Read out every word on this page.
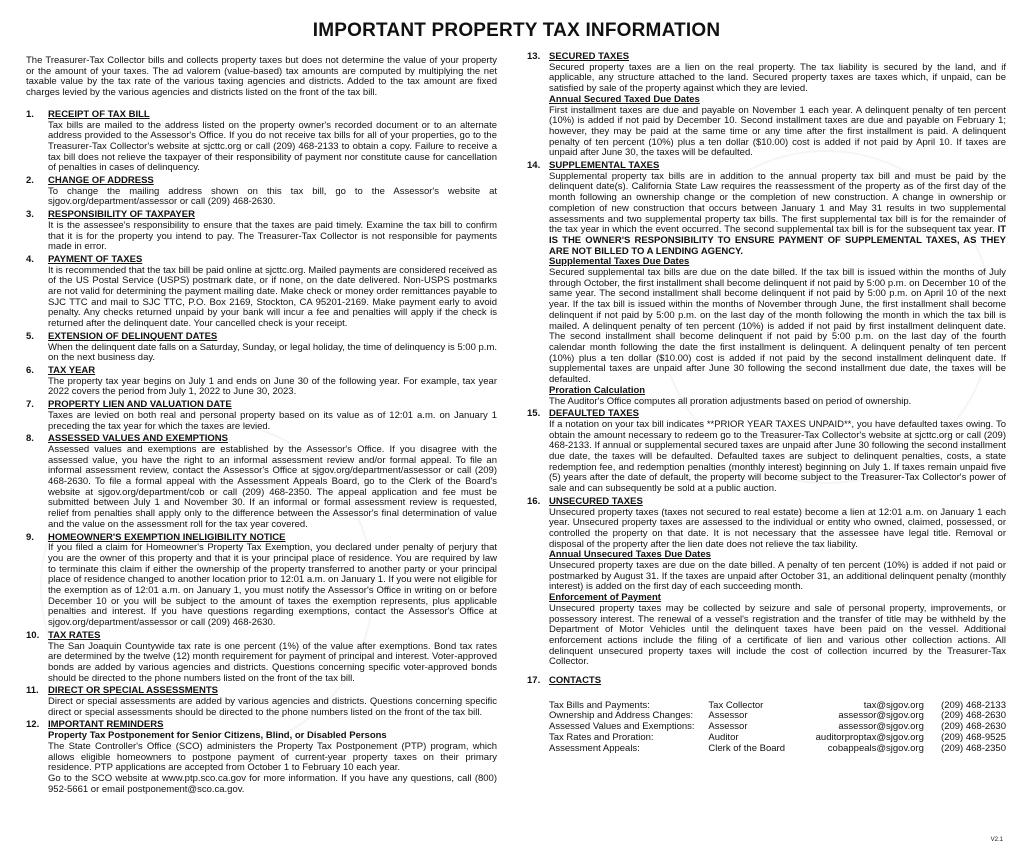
IMPORTANT PROPERTY TAX INFORMATION
The Treasurer-Tax Collector bills and collects property taxes but does not determine the value of your property or the amount of your taxes. The ad valorem (value-based) tax amounts are computed by multiplying the net taxable value by the tax rate of the various taxing agencies and districts. Added to the tax amount are fixed charges levied by the various agencies and districts listed on the front of the tax bill.
1.	RECEIPT OF TAX BILL
Tax bills are mailed to the address listed on the property owner's recorded document or to an alternate address provided to the Assessor's Office. If you do not receive tax bills for all of your properties, go to the Treasurer-Tax Collector's website at sjcttc.org or call (209) 468-2133 to obtain a copy. Failure to receive a tax bill does not relieve the taxpayer of their responsibility of payment nor constitute cause for cancellation of penalties in cases of delinquency.
2.	CHANGE OF ADDRESS
To change the mailing address shown on this tax bill, go to the Assessor's website at sjgov.org/department/assessor or call (209) 468-2630.
3.	RESPONSIBILITY OF TAXPAYER
It is the assessee's responsibility to ensure that the taxes are paid timely. Examine the tax bill to confirm that it is for the property you intend to pay. The Treasurer-Tax Collector is not responsible for payments made in error.
4.	PAYMENT OF TAXES
It is recommended that the tax bill be paid online at sjcttc.org. Mailed payments are considered received as of the US Postal Service (USPS) postmark date, or if none, on the date delivered. Non-USPS postmarks are not valid for determining the payment mailing date. Make check or money order remittances payable to SJC TTC and mail to SJC TTC, P.O. Box 2169, Stockton, CA 95201-2169. Make payment early to avoid penalty. Any checks returned unpaid by your bank will incur a fee and penalties will apply if the check is returned after the delinquent date. Your cancelled check is your receipt.
5.	EXTENSION OF DELINQUENT DATES
When the delinquent date falls on a Saturday, Sunday, or legal holiday, the time of delinquency is 5:00 p.m. on the next business day.
6.	TAX YEAR
The property tax year begins on July 1 and ends on June 30 of the following year. For example, tax year 2022 covers the period from July 1, 2022 to June 30, 2023.
7.	PROPERTY LIEN AND VALUATION DATE
Taxes are levied on both real and personal property based on its value as of 12:01 a.m. on January 1 preceding the tax year for which the taxes are levied.
8.	ASSESSED VALUES AND EXEMPTIONS
Assessed values and exemptions are established by the Assessor's Office. If you disagree with the assessed value, you have the right to an informal assessment review and/or formal appeal. To file an informal assessment review, contact the Assessor's Office at sjgov.org/department/assessor or call (209) 468-2630. To file a formal appeal with the Assessment Appeals Board, go to the Clerk of the Board's website at sjgov.org/department/cob or call (209) 468-2350. The appeal application and fee must be submitted between July 1 and November 30. If an informal or formal assessment review is requested, relief from penalties shall apply only to the difference between the Assessor's final determination of value and the value on the assessment roll for the tax year covered.
9.	HOMEOWNER'S EXEMPTION INELIGIBILITY NOTICE
If you filed a claim for Homeowner's Property Tax Exemption, you declared under penalty of perjury that you are the owner of this property and that it is your principal place of residence. You are required by law to terminate this claim if either the ownership of the property transferred to another party or your principal place of residence changed to another location prior to 12:01 a.m. on January 1. If you were not eligible for the exemption as of 12:01 a.m. on January 1, you must notify the Assessor's Office in writing on or before December 10 or you will be subject to the amount of taxes the exemption represents, plus applicable penalties and interest. If you have questions regarding exemptions, contact the Assessor's Office at sjgov.org/department/assessor or call (209) 468-2630.
10. TAX RATES
The San Joaquin Countywide tax rate is one percent (1%) of the value after exemptions. Bond tax rates are determined by the twelve (12) month requirement for payment of principal and interest. Voter-approved bonds are added by various agencies and districts. Questions concerning specific voter-approved bonds should be directed to the phone numbers listed on the front of the tax bill.
11. DIRECT OR SPECIAL ASSESSMENTS
Direct or special assessments are added by various agencies and districts. Questions concerning specific direct or special assessments should be directed to the phone numbers listed on the front of the tax bill.
12. IMPORTANT REMINDERS
Property Tax Postponement for Senior Citizens, Blind, or Disabled Persons
The State Controller's Office (SCO) administers the Property Tax Postponement (PTP) program, which allows eligible homeowners to postpone payment of current-year property taxes on their primary residence. PTP applications are accepted from October 1 to February 10 each year.
Go to the SCO website at www.ptp.sco.ca.gov for more information. If you have any questions, call (800) 952-5661 or email postponement@sco.ca.gov.
13. SECURED TAXES
Secured property taxes are a lien on the real property. The tax liability is secured by the land, and if applicable, any structure attached to the land. Secured property taxes are taxes which, if unpaid, can be satisfied by sale of the property against which they are levied.
Annual Secured Taxed Due Dates
First installment taxes are due and payable on November 1 each year. A delinquent penalty of ten percent (10%) is added if not paid by December 10. Second installment taxes are due and payable on February 1; however, they may be paid at the same time or any time after the first installment is paid. A delinquent penalty of ten percent (10%) plus a ten dollar ($10.00) cost is added if not paid by April 10. If taxes are unpaid after June 30, the taxes will be defaulted.
14. SUPPLEMENTAL TAXES
Supplemental property tax bills are in addition to the annual property tax bill and must be paid by the delinquent date(s). California State Law requires the reassessment of the property as of the first day of the month following an ownership change or the completion of new construction. A change in ownership or completion of new construction that occurs between January 1 and May 31 results in two supplemental assessments and two supplemental property tax bills. The first supplemental tax bill is for the remainder of the tax year in which the event occurred. The second supplemental tax bill is for the subsequent tax year. IT IS THE OWNER'S RESPONSIBILITY TO ENSURE PAYMENT OF SUPPLEMENTAL TAXES, AS THEY ARE NOT BILLED TO A LENDING AGENCY.
Supplemental Taxes Due Dates
Secured supplemental tax bills are due on the date billed. If the tax bill is issued within the months of July through October, the first installment shall become delinquent if not paid by 5:00 p.m. on December 10 of the same year. The second installment shall become delinquent if not paid by 5:00 p.m. on April 10 of the next year. If the tax bill is issued within the months of November through June, the first installment shall become delinquent if not paid by 5:00 p.m. on the last day of the month following the month in which the tax bill is mailed. A delinquent penalty of ten percent (10%) is added if not paid by first installment delinquent date. The second installment shall become delinquent if not paid by 5:00 p.m. on the last day of the fourth calendar month following the date the first installment is delinquent. A delinquent penalty of ten percent (10%) plus a ten dollar ($10.00) cost is added if not paid by the second installment delinquent date. If supplemental taxes are unpaid after June 30 following the second installment due date, the taxes will be defaulted.
Proration Calculation
The Auditor's Office computes all proration adjustments based on period of ownership.
15. DEFAULTED TAXES
If a notation on your tax bill indicates **PRIOR YEAR TAXES UNPAID**, you have defaulted taxes owing. To obtain the amount necessary to redeem go to the Treasurer-Tax Collector's website at sjcttc.org or call (209) 468-2133. If annual or supplemental secured taxes are unpaid after June 30 following the second installment due date, the taxes will be defaulted. Defaulted taxes are subject to delinquent penalties, costs, a state redemption fee, and redemption penalties (monthly interest) beginning on July 1. If taxes remain unpaid five (5) years after the date of default, the property will become subject to the Treasurer-Tax Collector's power of sale and can subsequently be sold at a public auction.
16. UNSECURED TAXES
Unsecured property taxes (taxes not secured to real estate) become a lien at 12:01 a.m. on January 1 each year. Unsecured property taxes are assessed to the individual or entity who owned, claimed, possessed, or controlled the property on that date. It is not necessary that the assessee have legal title. Removal or disposal of the property after the lien date does not relieve the tax liability.
Annual Unsecured Taxes Due Dates
Unsecured property taxes are due on the date billed. A penalty of ten percent (10%) is added if not paid or postmarked by August 31. If the taxes are unpaid after October 31, an additional delinquent penalty (monthly interest) is added on the first day of each succeeding month.
Enforcement of Payment
Unsecured property taxes may be collected by seizure and sale of personal property, improvements, or possessory interest. The renewal of a vessel's registration and the transfer of title may be withheld by the Department of Motor Vehicles until the delinquent taxes have been paid on the vessel. Additional enforcement actions include the filing of a certificate of lien and various other collection actions. All delinquent unsecured property taxes will include the cost of collection incurred by the Treasurer-Tax Collector.
17. CONTACTS
Tax Bills and Payments:	Tax Collector	tax@sjgov.org	(209) 468-2133
Ownership and Address Changes:	Assessor	assessor@sjgov.org	(209) 468-2630
Assessed Values and Exemptions:	Assessor	assessor@sjgov.org	(209) 468-2630
Tax Rates and Proration:	Auditor	auditorproptax@sjgov.org	(209) 468-9525
Assessment Appeals:	Clerk of the Board	cobappeals@sjgov.org	(209) 468-2350
V2.1
